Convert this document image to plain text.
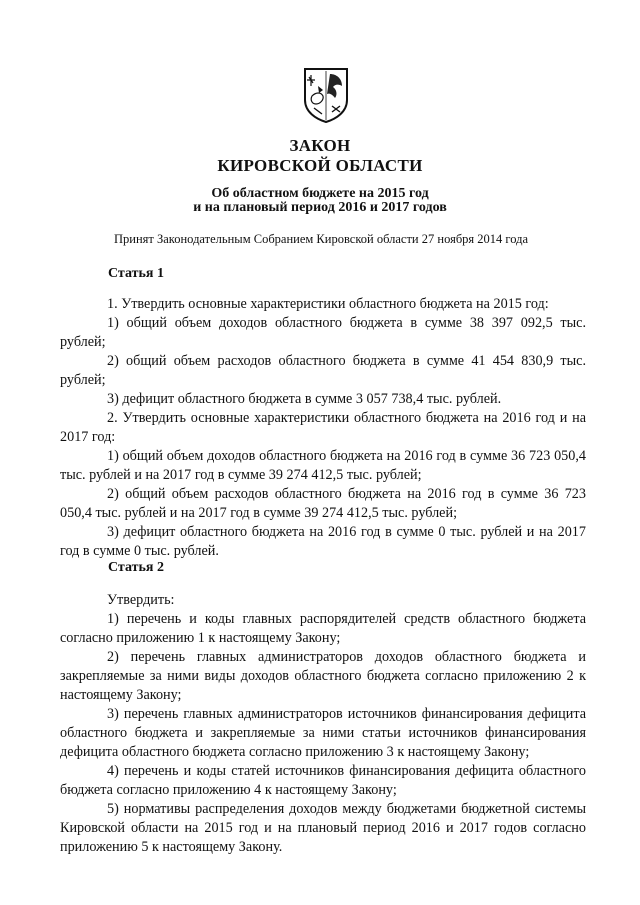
ЗАКОН
КИРОВСКОЙ ОБЛАСТИ
Об областном бюджете на 2015 год
и на плановый период 2016 и 2017 годов
Принят Законодательным Собранием Кировской области 27 ноября 2014 года
Статья 1

1. Утвердить основные характеристики областного бюджета на 2015 год:

1) общий объем доходов областного бюджета в сумме 38 397 092,5 тыс. рублей;

2) общий объем расходов областного бюджета в сумме 41 454 830,9 тыс. рублей;

3) дефицит областного бюджета в сумме 3 057 738,4 тыс. рублей.

2. Утвердить основные характеристики областного бюджета на 2016 год и на 2017 год:

1) общий объем доходов областного бюджета на 2016 год в сумме 36 723 050,4 тыс. рублей и на 2017 год в сумме 39 274 412,5 тыс. рублей;

2) общий объем расходов областного бюджета на 2016 год в сумме 36 723 050,4 тыс. рублей и на 2017 год в сумме 39 274 412,5 тыс. рублей;

3) дефицит областного бюджета на 2016 год в сумме 0 тыс. рублей и на 2017 год в сумме 0 тыс. рублей.

Статья 2

Утвердить:

1) перечень и коды главных распорядителей средств областного бюджета согласно приложению 1 к настоящему Закону;

2) перечень главных администраторов доходов областного бюджета и закрепляемые за ними виды доходов областного бюджета согласно приложению 2 к настоящему Закону;

3) перечень главных администраторов источников финансирования дефицита областного бюджета и закрепляемые за ними статьи источников финансирования дефицита областного бюджета согласно приложению 3 к настоящему Закону;

4) перечень и коды статей источников финансирования дефицита областного бюджета согласно приложению 4 к настоящему Закону;

5) нормативы распределения доходов между бюджетами бюджетной системы Кировской области на 2015 год и на плановый период 2016 и 2017 годов согласно приложению 5 к настоящему Закону.
